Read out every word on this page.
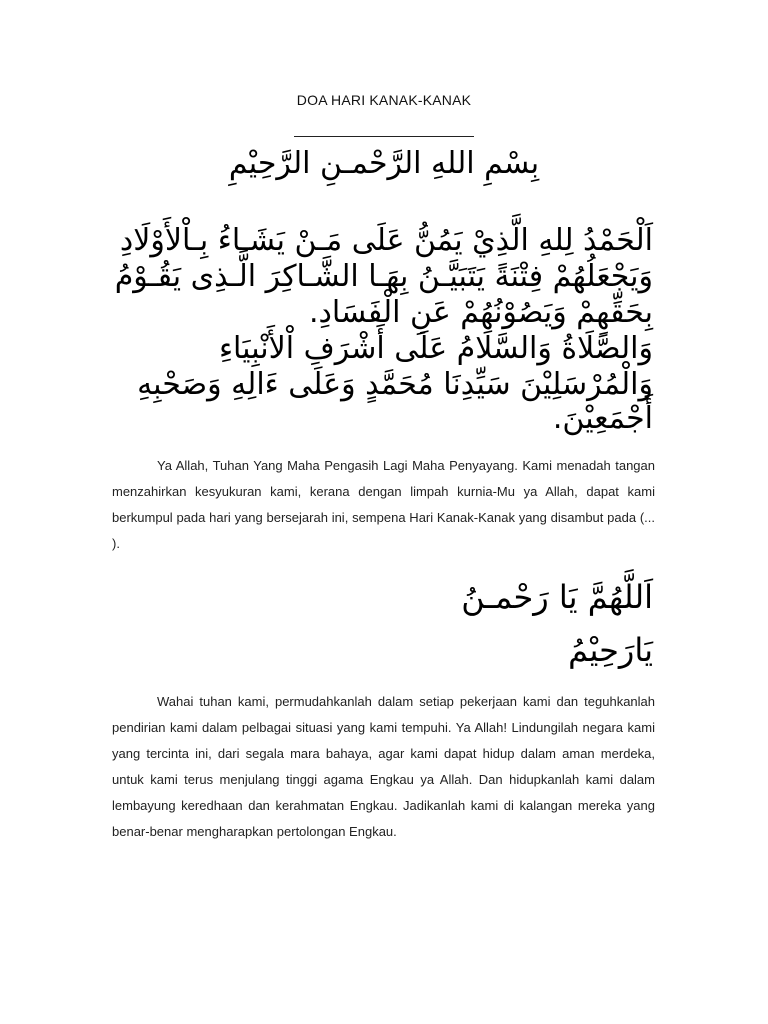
DOA HARI KANAK-KANAK
بِسْمِ اللهِ الرَّحْمـنِ الرَّحِيْمِ
اَلْحَمْدُ لِلهِ الَّذِيْ يَمُنُّ عَلَى مَـنْ يَشَـاءُ بِـاْلأَوْلَادِ
وَيَجْعَلُهُمْ فِتْنَةً يَتَبَيَّـنُ بِهَـا الشَّـاكِرَ الَّـذِى يَقُـوْمُ
بِحَقِّهِمْ وَيَصُوْنُهُمْ عَنِ الْفَسَادِ.
وَالصَّلَاةُ وَالسَّلَامُ عَلَى أَشْرَفِ اْلأَنْبِيَاءِ
وَالْمُرْسَلِيْنَ سَيِّدِنَا مُحَمَّدٍ وَعَلَى ءَالِهِ وَصَحْبِهِ
أَجْمَعِيْنَ.

Ya Allah, Tuhan Yang Maha Pengasih Lagi Maha Penyayang. Kami menadah tangan menzahirkan kesyukuran kami, kerana dengan limpah kurnia-Mu ya Allah, dapat kami berkumpul pada hari yang bersejarah ini, sempena Hari Kanak-Kanak yang disambut pada (... ).

اَللَّهُمَّ يَا رَحْمـنُ
يَارَحِيْمُ

Wahai tuhan kami, permudahkanlah dalam setiap pekerjaan kami dan teguhkanlah pendirian kami dalam pelbagai situasi yang kami tempuhi. Ya Allah! Lindungilah negara kami yang tercinta ini, dari segala mara bahaya, agar kami dapat hidup dalam aman merdeka, untuk kami terus menjulang tinggi agama Engkau ya Allah. Dan hidupkanlah kami dalam lembayung keredhaan dan kerahmatan Engkau. Jadikanlah kami di kalangan mereka yang benar-benar mengharapkan pertolongan Engkau.
